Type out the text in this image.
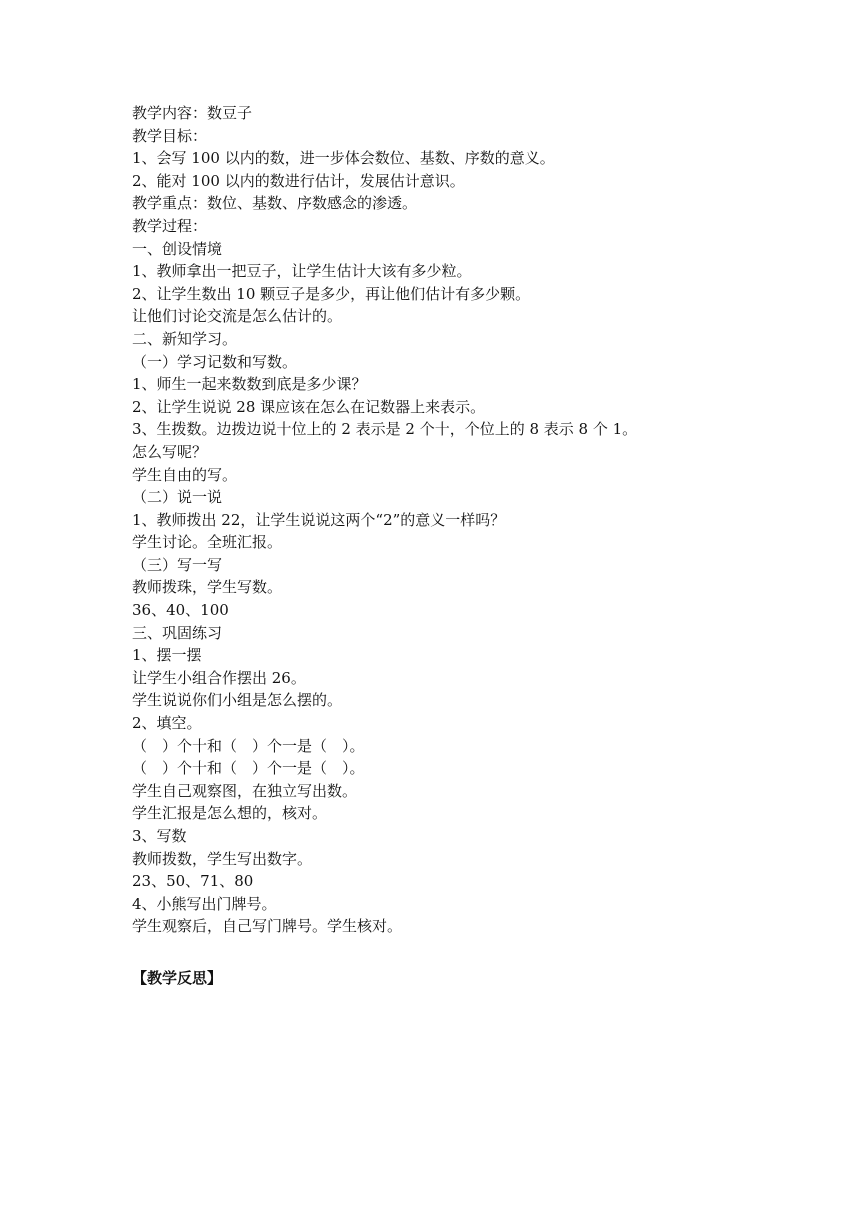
教学内容：数豆子
教学目标：
1、会写 100 以内的数，进一步体会数位、基数、序数的意义。
2、能对 100 以内的数进行估计，发展估计意识。
教学重点：数位、基数、序数感念的渗透。
教学过程：
一、创设情境
1、教师拿出一把豆子，让学生估计大该有多少粒。
2、让学生数出 10 颗豆子是多少，再让他们估计有多少颗。
让他们讨论交流是怎么估计的。
二、新知学习。
（一）学习记数和写数。
1、师生一起来数数到底是多少课？
2、让学生说说 28 课应该在怎么在记数器上来表示。
3、生拨数。边拨边说十位上的 2 表示是 2 个十，个位上的 8 表示 8 个 1。
怎么写呢？
学生自由的写。
（二）说一说
1、教师拨出 22，让学生说说这两个“2”的意义一样吗？
学生讨论。全班汇报。
（三）写一写
教师拨珠，学生写数。
36、40、100
三、巩固练习
1、摆一摆
让学生小组合作摆出 26。
学生说说你们小组是怎么摆的。
2、填空。
（　）个十和（　）个一是（　）。
（　）个十和（　）个一是（　）。
学生自己观察图，在独立写出数。
学生汇报是怎么想的，核对。
3、写数
教师拨数，学生写出数字。
23、50、71、80
4、小熊写出门牌号。
学生观察后，自己写门牌号。学生核对。
【教学反思】
